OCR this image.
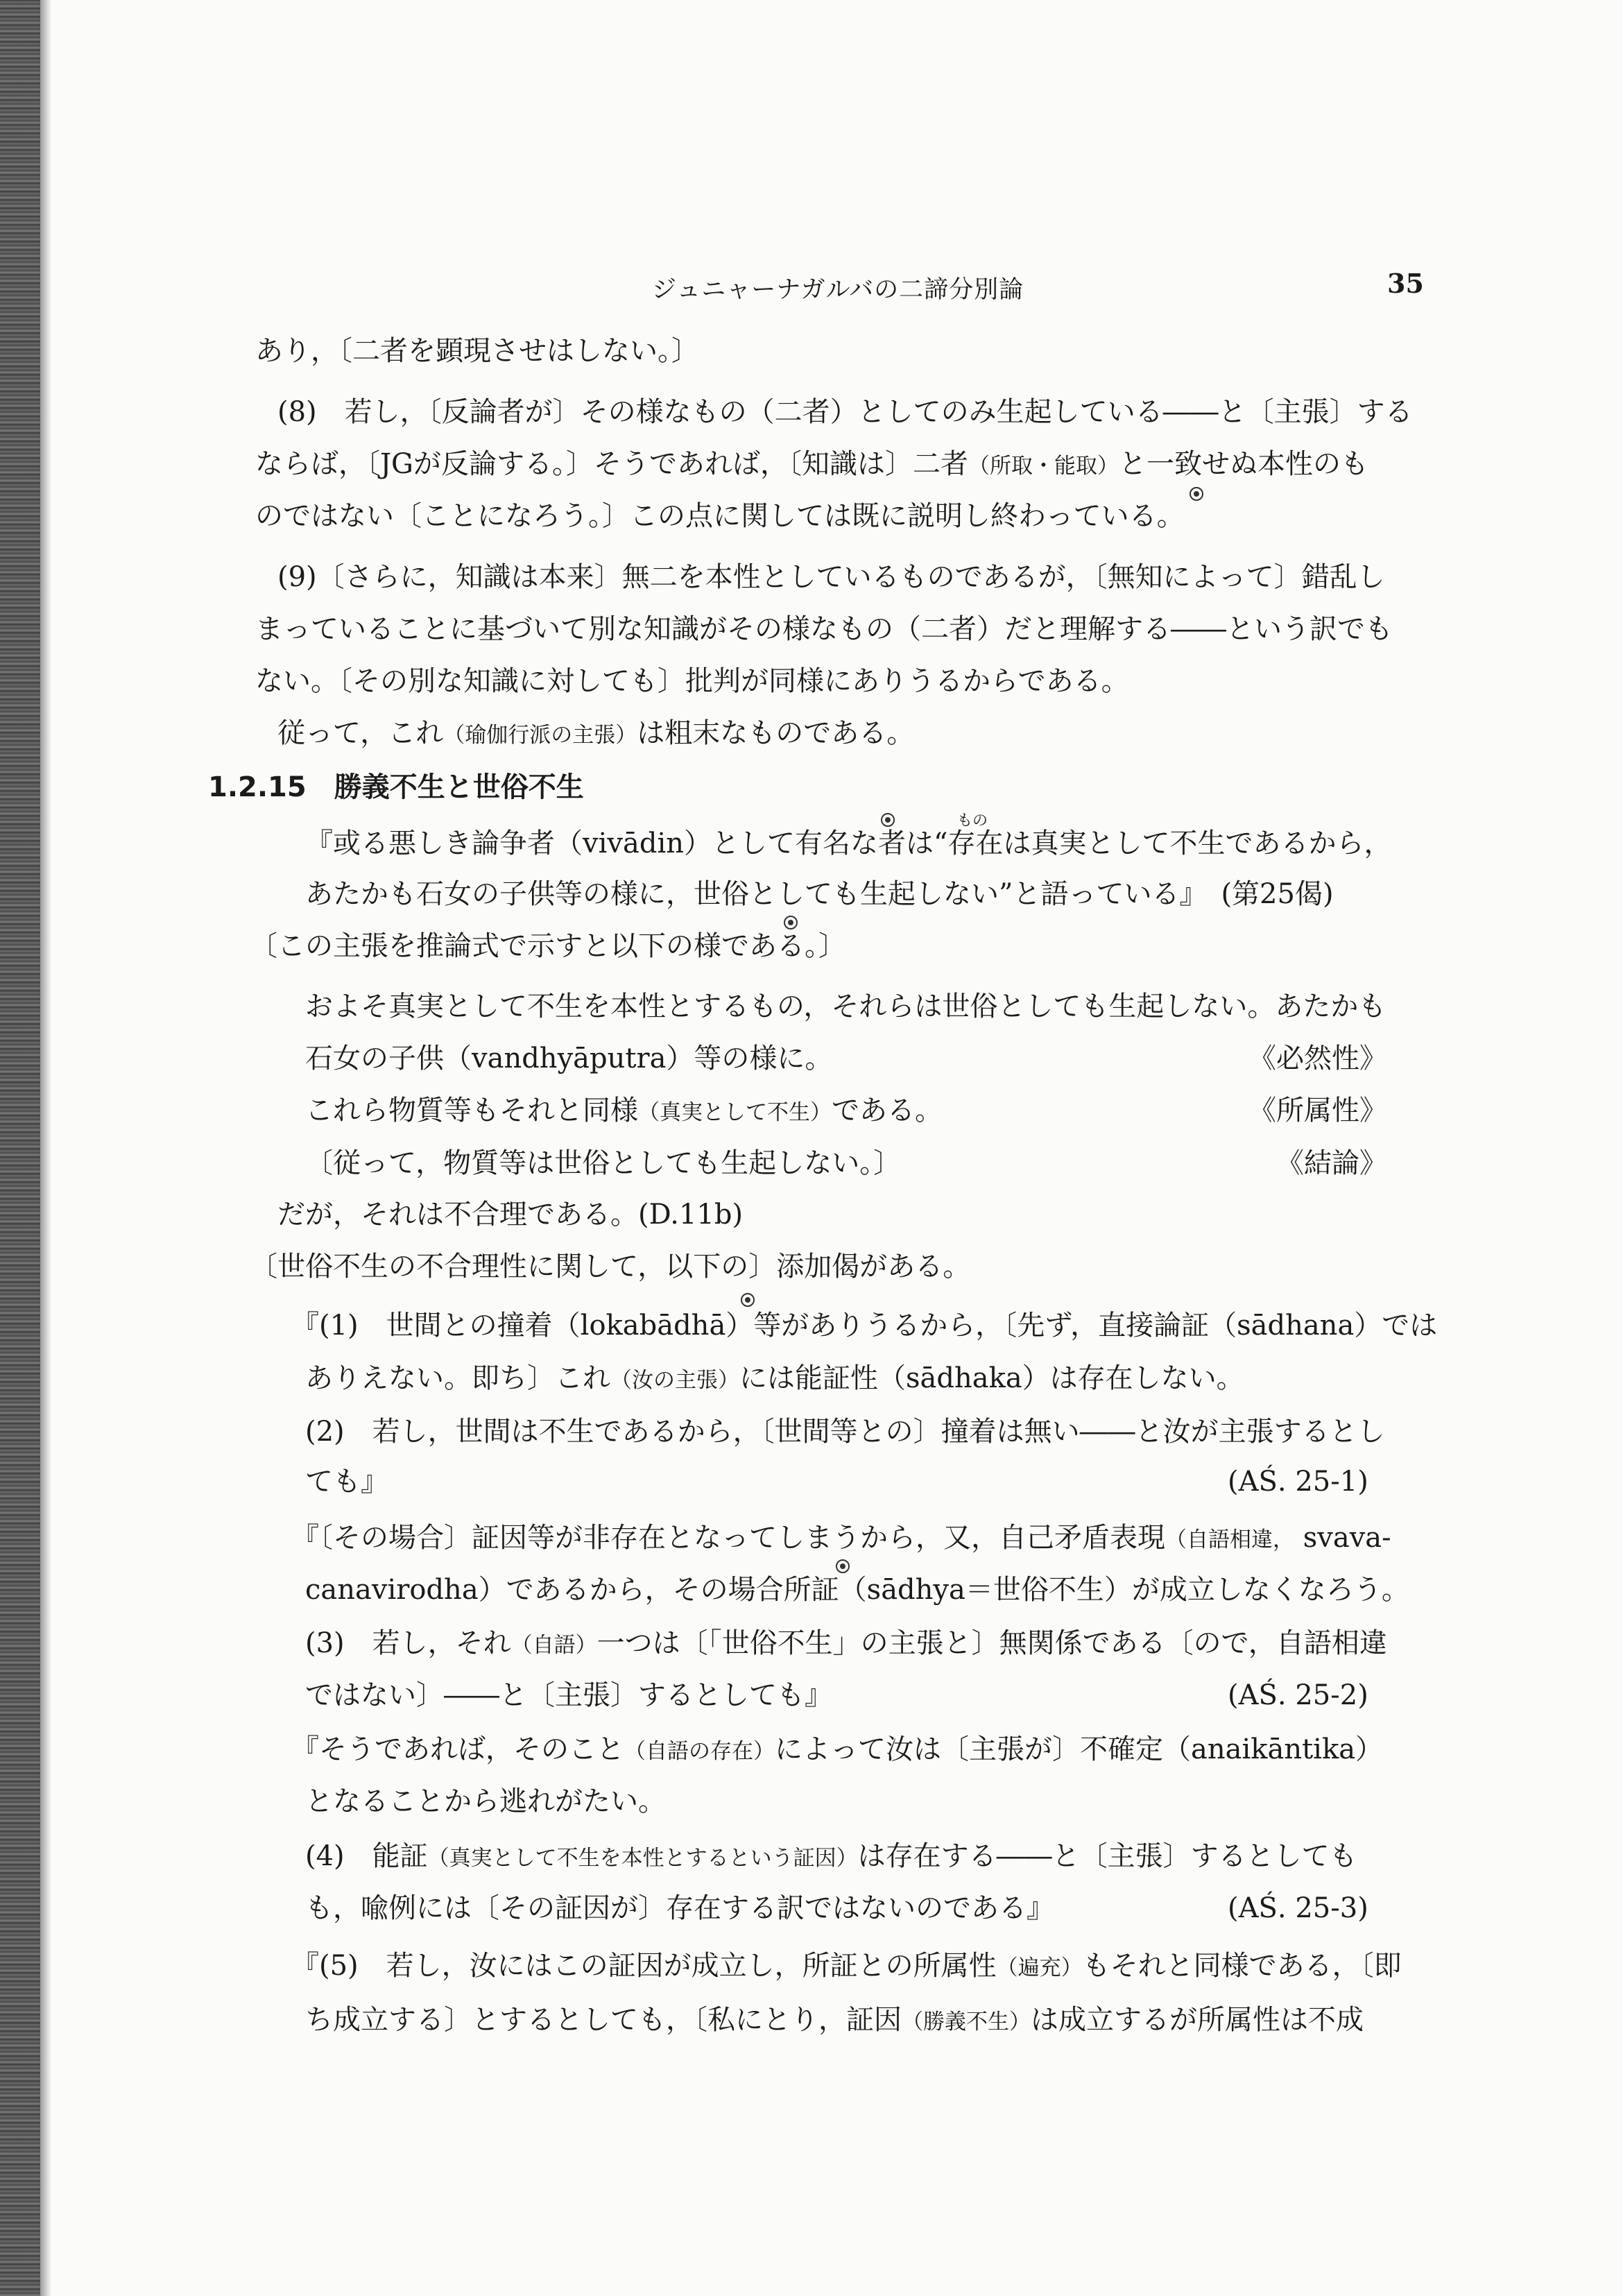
ジュニャーナガルバの二諦分別論	35
あり，〔二者を顕現させはしない。〕
(8)　若し，〔反論者が〕その様なもの（二者）としてのみ生起している――と〔主張〕する
ならば，〔JGが反論する。〕そうであれば，〔知識は〕二者（所取・能取）と一致せぬ本性のも
のではない〔ことになろう。〕この点に関しては既に説明し終わっている。
(9)〔さらに，知識は本来〕無二を本性としているものであるが，〔無知によって〕錯乱し
まっていることに基づいて別な知識がその様なもの（二者）だと理解する――という訳でも
ない。〔その別な知識に対しても〕批判が同様にありうるからである。
従って，これ（瑜伽行派の主張）は粗末なものである。
1.2.15　勝義不生と世俗不生
もの
『或る悪しき論争者（vivādin）として有名な者は“存在は真実として不生であるから，
あたかも石女の子供等の様に，世俗としても生起しない”と語っている』　(第25偈)
〔この主張を推論式で示すと以下の様である。〕
およそ真実として不生を本性とするもの，それらは世俗としても生起しない。あたかも
石女の子供（vandhyāputra）等の様に。	《必然性》
これら物質等もそれと同様（真実として不生）である。	《所属性》
〔従って，物質等は世俗としても生起しない。〕	《結論》
だが，それは不合理である。(D.11b)
〔世俗不生の不合理性に関して，以下の〕添加偈がある。
『(1)　世間との撞着（lokabādhā）等がありうるから，〔先ず，直接論証（sādhana）では
ありえない。即ち〕これ（汝の主張）には能証性（sādhaka）は存在しない。
(2)　若し，世間は不生であるから，〔世間等との〕撞着は無い――と汝が主張するとし
ても』	(AŚ. 25-1)
『〔その場合〕証因等が非存在となってしまうから，又，自己矛盾表現（自語相違， svava-
canavirodha）であるから，その場合所証（sādhya＝世俗不生）が成立しなくなろう。
(3)　若し，それ（自語）一つは〔「世俗不生」の主張と〕無関係である〔ので，自語相違
ではない〕――と〔主張〕するとしても』	(AŚ. 25-2)
『そうであれば，そのこと（自語の存在）によって汝は〔主張が〕不確定（anaikāntika）
となることから逃れがたい。
(4)　能証（真実として不生を本性とするという証因）は存在する――と〔主張〕するとしても
も，喩例には〔その証因が〕存在する訳ではないのである』	(AŚ. 25-3)
『(5)　若し，汝にはこの証因が成立し，所証との所属性（遍充）もそれと同様である，〔即
ち成立する〕とするとしても，〔私にとり，証因（勝義不生）は成立するが所属性は不成
